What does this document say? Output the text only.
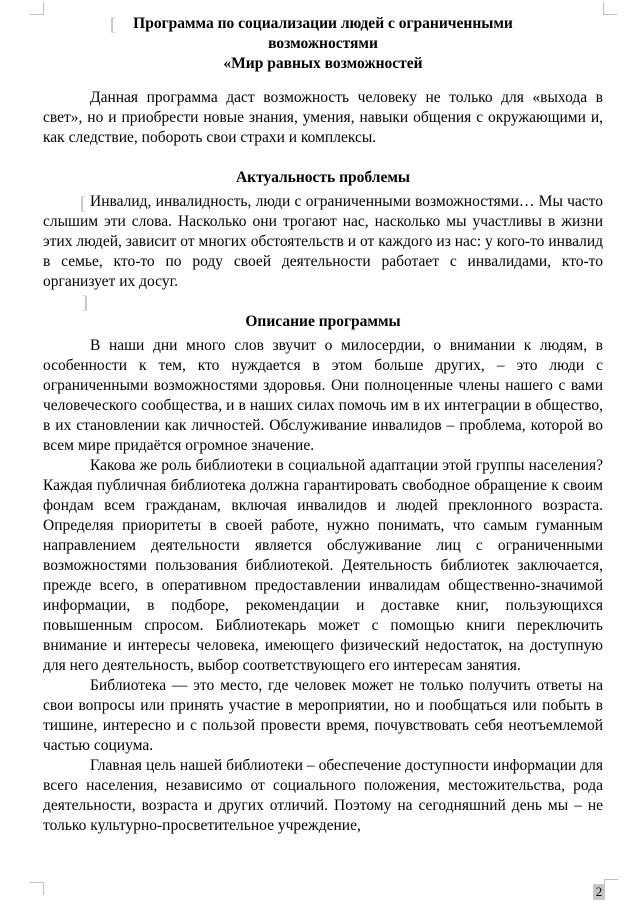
[
[
]
Программа по социализации людей с ограниченными
возможностями
«Мир равных возможностей

Данная программа даст возможность человеку не только для «выхода в свет», но и приобрести новые знания, умения, навыки общения с окружающими и, как следствие, побороть свои страхи и комплексы.

Актуальность проблемы

Инвалид, инвалидность, люди с ограниченными возможностями… Мы часто слышим эти слова. Насколько они трогают нас, насколько мы участливы в жизни этих людей, зависит от многих обстоятельств и от каждого из нас: у кого-то инвалид в семье, кто-то по роду своей деятельности работает с инвалидами, кто-то организует их досуг.

Описание программы

В наши дни много слов звучит о милосердии, о внимании к людям, в особенности к тем, кто нуждается в этом больше других, – это люди с ограниченными возможностями здоровья. Они полноценные члены нашего с вами человеческого сообщества, и в наших силах помочь им в их интеграции в общество, в их становлении как личностей. Обслуживание инвалидов – проблема, которой во всем мире придаётся огромное значение.

Какова же роль библиотеки в социальной адаптации этой группы населения? Каждая публичная библиотека должна гарантировать свободное обращение к своим фондам всем гражданам, включая инвалидов и людей преклонного возраста. Определяя приоритеты в своей работе, нужно понимать, что самым гуманным направлением деятельности является обслуживание лиц с ограниченными возможностями пользования библиотекой. Деятельность библиотек заключается, прежде всего, в оперативном предоставлении инвалидам общественно-значимой информации, в подборе, рекомендации и доставке книг, пользующихся повышенным спросом. Библиотекарь может с помощью книги переключить внимание и интересы человека, имеющего физический недостаток, на доступную для него деятельность, выбор соответствующего его интересам занятия.

Библиотека — это место, где человек может не только получить ответы на свои вопросы или принять участие в мероприятии, но и пообщаться или побыть в тишине, интересно и с пользой провести время, почувствовать себя неотъемлемой частью социума.

Главная цель нашей библиотеки – обеспечение доступности информации для всего населения, независимо от социального положения, местожительства, рода деятельности, возраста и других отличий. Поэтому на сегодняшний день мы – не только культурно-просветительное учреждение,

2
